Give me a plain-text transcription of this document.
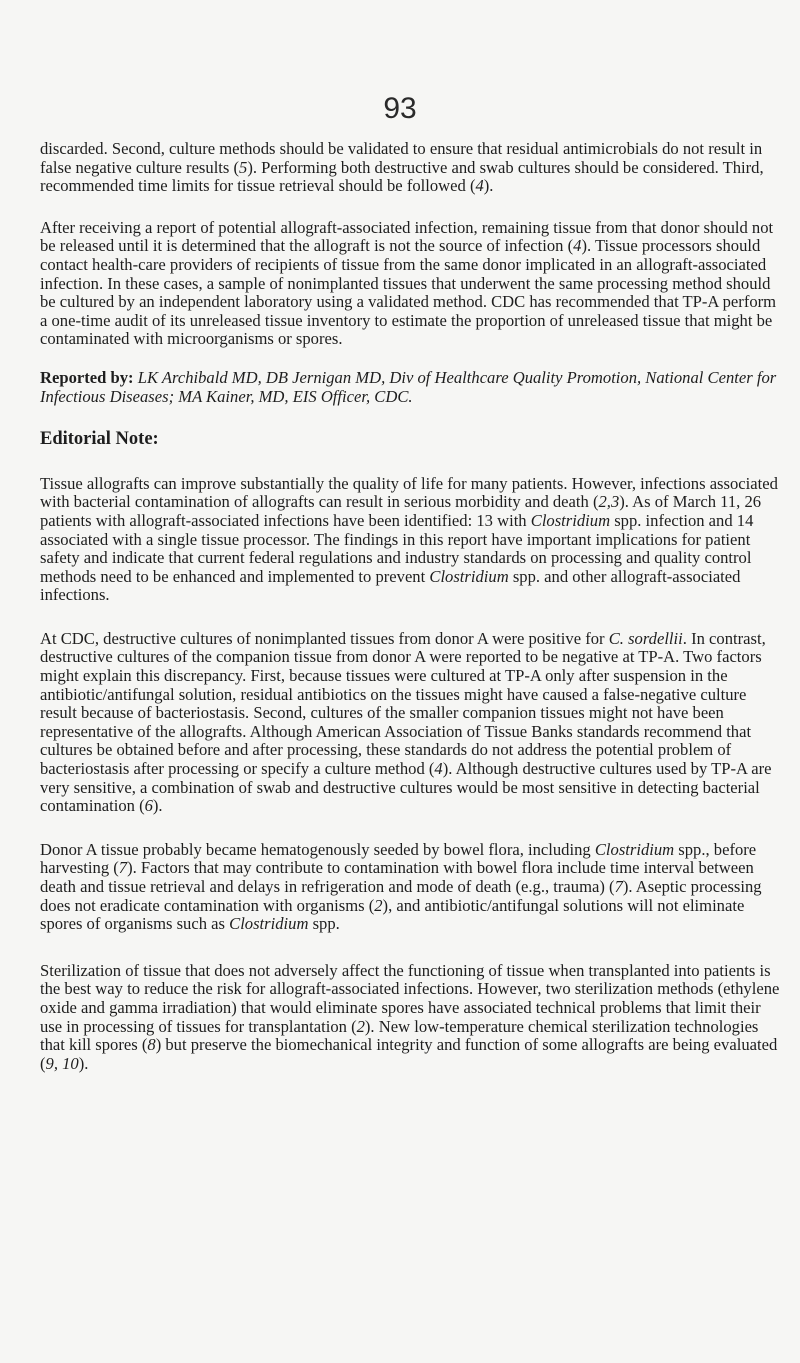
93

discarded. Second, culture methods should be validated to ensure that residual antimicrobials do not result in false negative culture results (5). Performing both destructive and swab cultures should be considered. Third, recommended time limits for tissue retrieval should be followed (4).

After receiving a report of potential allograft-associated infection, remaining tissue from that donor should not be released until it is determined that the allograft is not the source of infection (4). Tissue processors should contact health-care providers of recipients of tissue from the same donor implicated in an allograft-associated infection. In these cases, a sample of nonimplanted tissues that underwent the same processing method should be cultured by an independent laboratory using a validated method. CDC has recommended that TP-A perform a one-time audit of its unreleased tissue inventory to estimate the proportion of unreleased tissue that might be contaminated with microorganisms or spores.

Reported by: LK Archibald MD, DB Jernigan MD, Div of Healthcare Quality Promotion, National Center for Infectious Diseases; MA Kainer, MD, EIS Officer, CDC.

Editorial Note:

Tissue allografts can improve substantially the quality of life for many patients. However, infections associated with bacterial contamination of allografts can result in serious morbidity and death (2,3). As of March 11, 26 patients with allograft-associated infections have been identified: 13 with Clostridium spp. infection and 14 associated with a single tissue processor. The findings in this report have important implications for patient safety and indicate that current federal regulations and industry standards on processing and quality control methods need to be enhanced and implemented to prevent Clostridium spp. and other allograft-associated infections.

At CDC, destructive cultures of nonimplanted tissues from donor A were positive for C. sordellii. In contrast, destructive cultures of the companion tissue from donor A were reported to be negative at TP-A. Two factors might explain this discrepancy. First, because tissues were cultured at TP-A only after suspension in the antibiotic/antifungal solution, residual antibiotics on the tissues might have caused a false-negative culture result because of bacteriostasis. Second, cultures of the smaller companion tissues might not have been representative of the allografts. Although American Association of Tissue Banks standards recommend that cultures be obtained before and after processing, these standards do not address the potential problem of bacteriostasis after processing or specify a culture method (4). Although destructive cultures used by TP-A are very sensitive, a combination of swab and destructive cultures would be most sensitive in detecting bacterial contamination (6).

Donor A tissue probably became hematogenously seeded by bowel flora, including Clostridium spp., before harvesting (7). Factors that may contribute to contamination with bowel flora include time interval between death and tissue retrieval and delays in refrigeration and mode of death (e.g., trauma) (7). Aseptic processing does not eradicate contamination with organisms (2), and antibiotic/antifungal solutions will not eliminate spores of organisms such as Clostridium spp.

Sterilization of tissue that does not adversely affect the functioning of tissue when transplanted into patients is the best way to reduce the risk for allograft-associated infections. However, two sterilization methods (ethylene oxide and gamma irradiation) that would eliminate spores have associated technical problems that limit their use in processing of tissues for transplantation (2). New low-temperature chemical sterilization technologies that kill spores (8) but preserve the biomechanical integrity and function of some allografts are being evaluated (9, 10).
